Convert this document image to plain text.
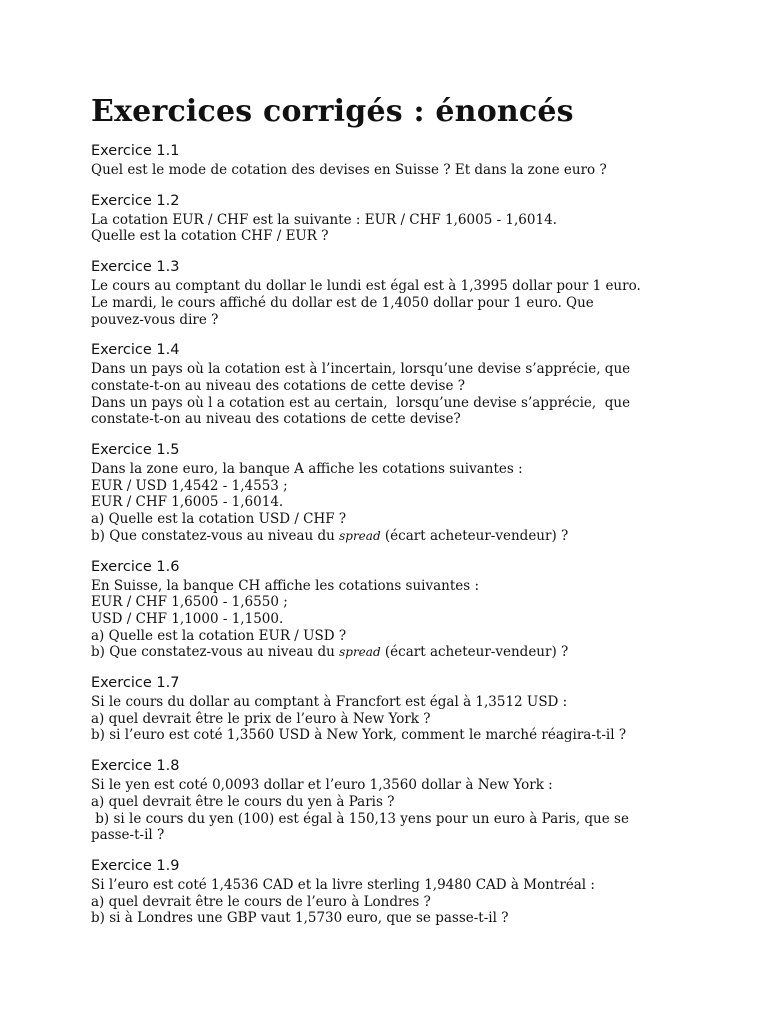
Exercices corrigés : énoncés
Exercice 1.1
Quel est le mode de cotation des devises en Suisse ? Et dans la zone euro ?
Exercice 1.2
La cotation EUR / CHF est la suivante : EUR / CHF 1,6005 - 1,6014.
Quelle est la cotation CHF / EUR ?
Exercice 1.3
Le cours au comptant du dollar le lundi est égal est à 1,3995 dollar pour 1 euro.
Le mardi, le cours affiché du dollar est de 1,4050 dollar pour 1 euro. Que
pouvez-vous dire ?
Exercice 1.4
Dans un pays où la cotation est à l’incertain, lorsqu’une devise s’apprécie, que
constate-t-on au niveau des cotations de cette devise ?
Dans un pays où l a cotation est au certain,  lorsqu’une devise s’apprécie,  que
constate-t-on au niveau des cotations de cette devise?
Exercice 1.5
Dans la zone euro, la banque A affiche les cotations suivantes :
EUR / USD 1,4542 - 1,4553 ;
EUR / CHF 1,6005 - 1,6014.
a) Quelle est la cotation USD / CHF ?
b) Que constatez-vous au niveau du spread (écart acheteur-vendeur) ?
Exercice 1.6
En Suisse, la banque CH affiche les cotations suivantes :
EUR / CHF 1,6500 - 1,6550 ;
USD / CHF 1,1000 - 1,1500.
a) Quelle est la cotation EUR / USD ?
b) Que constatez-vous au niveau du spread (écart acheteur-vendeur) ?
Exercice 1.7
Si le cours du dollar au comptant à Francfort est égal à 1,3512 USD :
a) quel devrait être le prix de l’euro à New York ?
b) si l’euro est coté 1,3560 USD à New York, comment le marché réagira-t-il ?
Exercice 1.8
Si le yen est coté 0,0093 dollar et l’euro 1,3560 dollar à New York :
a) quel devrait être le cours du yen à Paris ?
b) si le cours du yen (100) est égal à 150,13 yens pour un euro à Paris, que se
passe-t-il ?
Exercice 1.9
Si l’euro est coté 1,4536 CAD et la livre sterling 1,9480 CAD à Montréal :
a) quel devrait être le cours de l’euro à Londres ?
b) si à Londres une GBP vaut 1,5730 euro, que se passe-t-il ?
